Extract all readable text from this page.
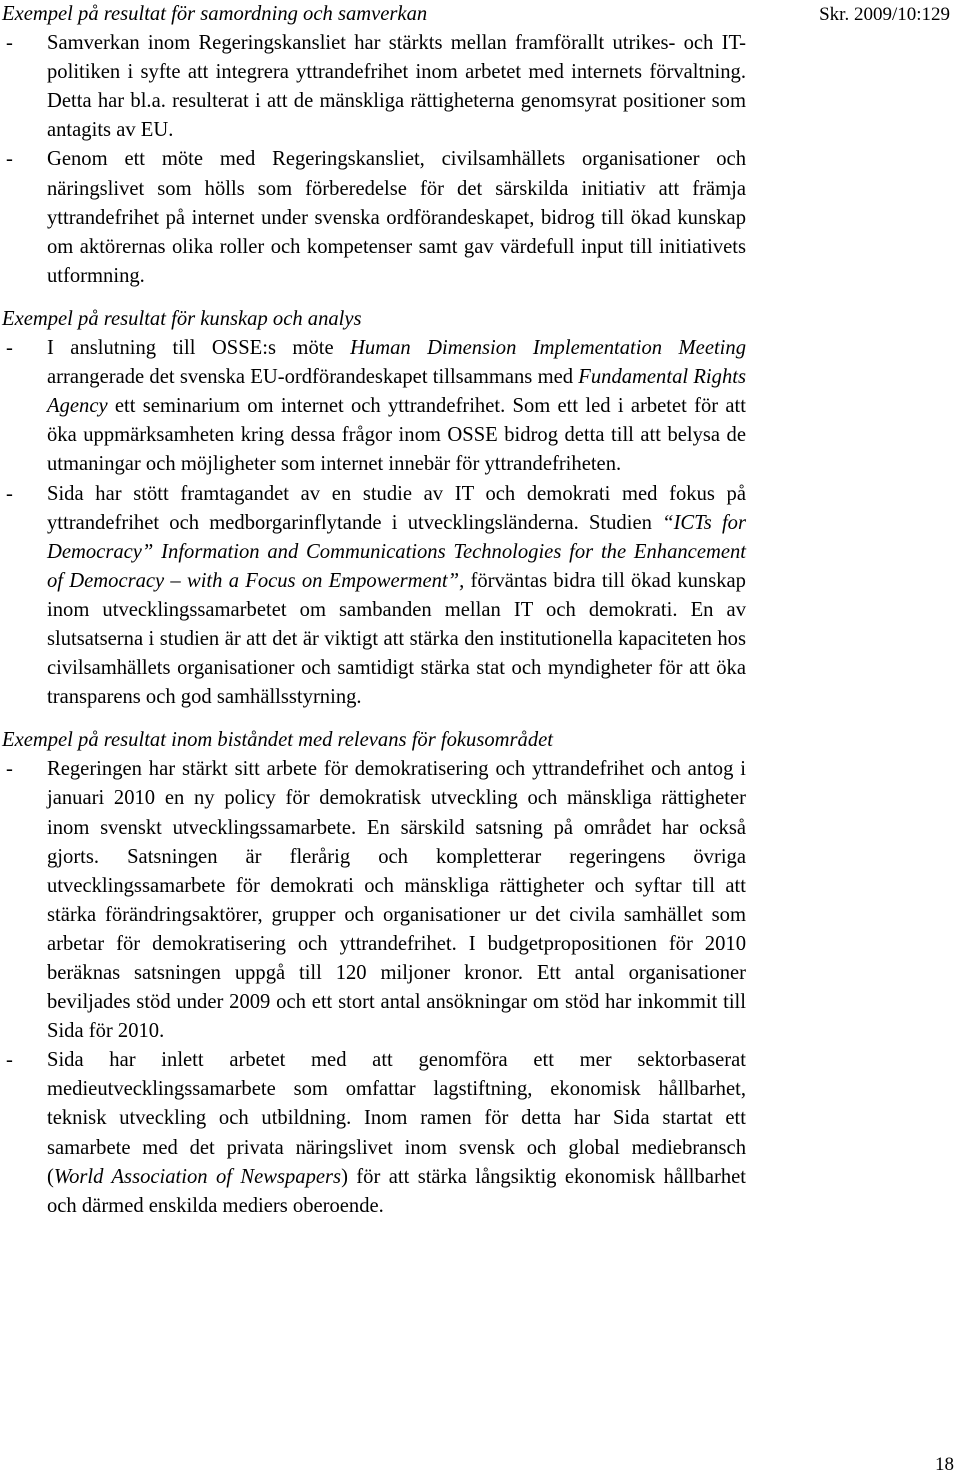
Skr. 2009/10:129
Exempel på resultat för samordning och samverkan
-	Samverkan inom Regeringskansliet har stärkts mellan framförallt utrikes- och IT-politiken i syfte att integrera yttrandefrihet inom arbetet med internets förvaltning. Detta har bl.a. resulterat i att de mänskliga rättigheterna genomsyrat positioner som antagits av EU.
-	Genom ett möte med Regeringskansliet, civilsamhällets organisationer och näringslivet som hölls som förberedelse för det särskilda initiativ att främja yttrandefrihet på internet under svenska ordförandeskapet, bidrog till ökad kunskap om aktörernas olika roller och kompetenser samt gav värdefull input till initiativets utformning.
Exempel på resultat för kunskap och analys
-	I anslutning till OSSE:s möte Human Dimension Implementation Meeting arrangerade det svenska EU-ordförandeskapet tillsammans med Fundamental Rights Agency ett seminarium om internet och yttrandefrihet. Som ett led i arbetet för att öka uppmärksamheten kring dessa frågor inom OSSE bidrog detta till att belysa de utmaningar och möjligheter som internet innebär för yttrandefriheten.
-	Sida har stött framtagandet av en studie av IT och demokrati med fokus på yttrandefrihet och medborgarinflytande i utvecklingsländerna. Studien “ICTs for Democracy” Information and Communications Technologies for the Enhancement of Democracy – with a Focus on Empowerment”, förväntas bidra till ökad kunskap inom utvecklingssamarbetet om sambanden mellan IT och demokrati. En av slutsatserna i studien är att det är viktigt att stärka den institutionella kapaciteten hos civilsamhällets organisationer och samtidigt stärka stat och myndigheter för att öka transparens och god samhällsstyrning.
Exempel på resultat inom biståndet med relevans för fokusområdet
-	Regeringen har stärkt sitt arbete för demokratisering och yttrandefrihet och antog i januari 2010 en ny policy för demokratisk utveckling och mänskliga rättigheter inom svenskt utvecklingssamarbete. En särskild satsning på området har också gjorts. Satsningen är flerårig och kompletterar regeringens övriga utvecklingssamarbete för demokrati och mänskliga rättigheter och syftar till att stärka förändringsaktörer, grupper och organisationer ur det civila samhället som arbetar för demokratisering och yttrandefrihet. I budgetpropositionen för 2010 beräknas satsningen uppgå till 120 miljoner kronor. Ett antal organisationer beviljades stöd under 2009 och ett stort antal ansökningar om stöd har inkommit till Sida för 2010.
-	Sida har inlett arbetet med att genomföra ett mer sektorbaserat medieutvecklingssamarbete som omfattar lagstiftning, ekonomisk hållbarhet, teknisk utveckling och utbildning. Inom ramen för detta har Sida startat ett samarbete med det privata näringslivet inom svensk och global mediebransch (World Association of Newspapers) för att stärka långsiktig ekonomisk hållbarhet och därmed enskilda mediers oberoende.
18
